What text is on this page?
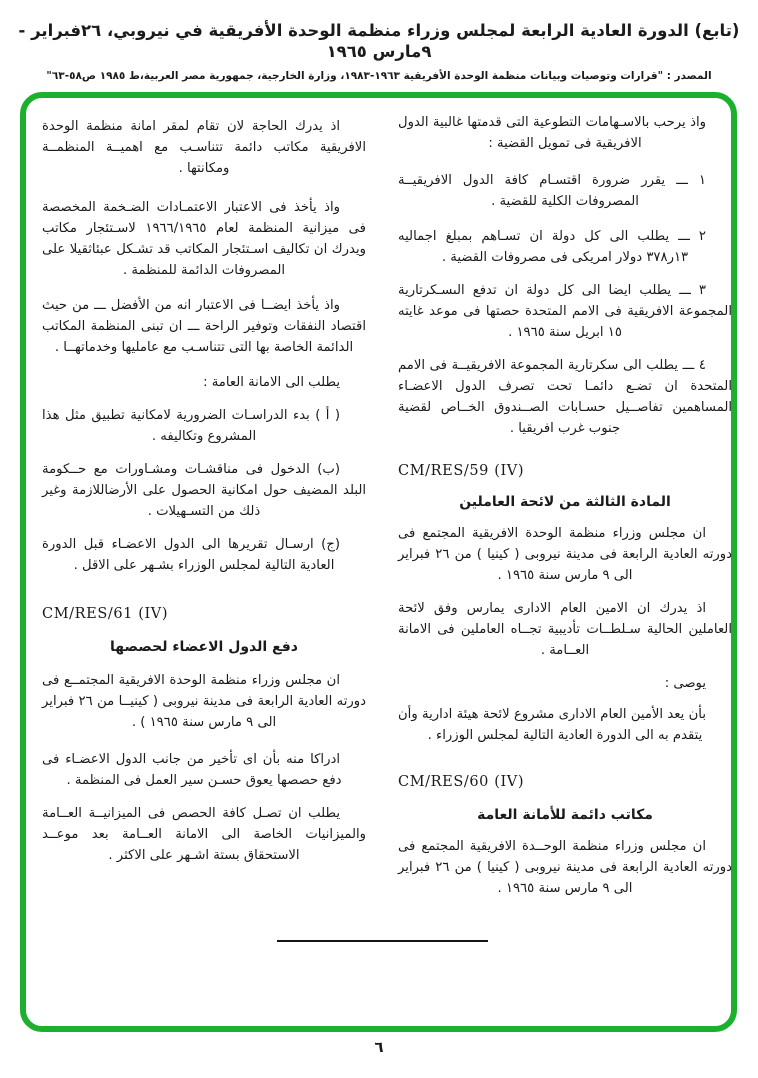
(تابع) الدورة العادية الرابعة لمجلس وزراء منظمة الوحدة الأفريقية في نيروبي، ٢٦فبراير - ٩مارس ١٩٦٥
المصدر : "قرارات وتوصيات وبيانات منظمة الوحدة الأفريقية ١٩٦٣-١٩٨٣، وزارة الخارجية، جمهورية مصر العربية،ط ١٩٨٥ ص٥٨-٦٣"

واذ يرحب بالاسـهامات التطوعية التى قدمتها غالبية الدول الافريقية فى تمويل القضية :

١ ـــ يقرر ضرورة اقتسـام كافة الدول الافريقيــة المصروفات الكلية للقضية .

٢ ـــ يطلب الى كل دولة ان تسـاهم بمبلغ اجماليه ١٣ر٣٧٨ دولار امريكى فى مصروفات القضية .

٣ ـــ يطلب ايضا الى كل دولة ان تدفع الىسـكرتارية المجموعة الافريقية فى الامم المتحدة حصتها فى موعد غايته ١٥ ابريل سنة ١٩٦٥ .

٤ ـــ يطلب الى سكرتارية المجموعة الافريقيــة فى الامم المتحدة ان تضـع دائمـا تحت تصرف الدول الاعضـاء المساهمين تفاصــيل حسـابات الصــندوق الخــاص لقضية جنوب غرب افريقيا .

CM/RES/59 (IV)

المادة الثالثة من لائحة العاملين

ان مجلس وزراء منظمة الوحدة الافريقية المجتمع فى دورته العادية الرابعة فى مدينة نيروبى ( كينيا ) من ٢٦ فبراير الى ٩ مارس سنة ١٩٦٥ .

اذ يدرك ان الامين العام الادارى يمارس وفق لائحة العاملين الحالية سـلطــات تأديبية تجــاه العاملين فى الامانة العــامة .

يوصى :

بأن يعد الأمين العام الادارى مشروع لائحة هيئة ادارية وأن يتقدم به الى الدورة العادية التالية لمجلس الوزراء .

CM/RES/60 (IV)

مكاتب دائمة للأمانة العامة

ان مجلس وزراء منظمة الوحــدة الافريقية المجتمع فى دورته العادية الرابعة فى مدينة نيروبى ( كينيا ) من ٢٦ فبراير الى ٩ مارس سنة ١٩٦٥ .

اذ يدرك الحاجة لان تقام لمقر امانة منظمة الوحدة الافريقية مكاتب دائمة تتناسـب مع اهميــة المنظمــة ومكانتها .

واذ يأخذ فى الاعتبار الاعتمـادات الضـخمة المخصصة فى ميزانية المنظمة لعام ١٩٦٦/١٩٦٥ لاسـتئجار مكاتب ويدرك ان تكاليف اسـتئجار المكاتب قد تشـكل عبئاثقيلا على المصروفات الدائمة للمنظمة .

واذ يأخذ ايضــا فى الاعتبار انه من الأفضل ـــ من حيث اقتصاد النفقات وتوفير الراحة ـــ ان تبنى المنظمة المكاتب الدائمة الخاصة بها التى تتناسـب مع عامليها وخدماتهــا .

يطلب الى الامانة العامة :

( أ ) بدء الدراسـات الضرورية لامكانية تطبيق مثل هذا المشروع وتكاليفه .

(ب) الدخول فى مناقشـات ومشـاورات مع حــكومة البلد المضيف حول امكانية الحصول على الأرضاللازمة وغير ذلك من التسـهيلات .

(ج) ارسـال تقريرها الى الدول الاعضـاء قبل الدورة العادية التالية لمجلس الوزراء بشـهر على الاقل .

CM/RES/61 (IV)

دفع الدول الاعضاء لحصصها

ان مجلس وزراء منظمة الوحدة الافريقية المجتمــع فى دورته العادية الرابعة فى مدينة نيروبى ( كينيــا من ٢٦ فبراير الى ٩ مارس سنة ١٩٦٥ ) .

ادراكا منه بأن اى تأخير من جانب الدول الاعضـاء فى دفع حصصها يعوق حسـن سير العمل فى المنظمة .

يطلب ان تصـل كافة الحصص فى الميزانيــة العــامة والميزانيات الخاصة الى الامانة العــامة بعد موعــد الاستحقاق بستة اشـهر على الاكثر .

٦
